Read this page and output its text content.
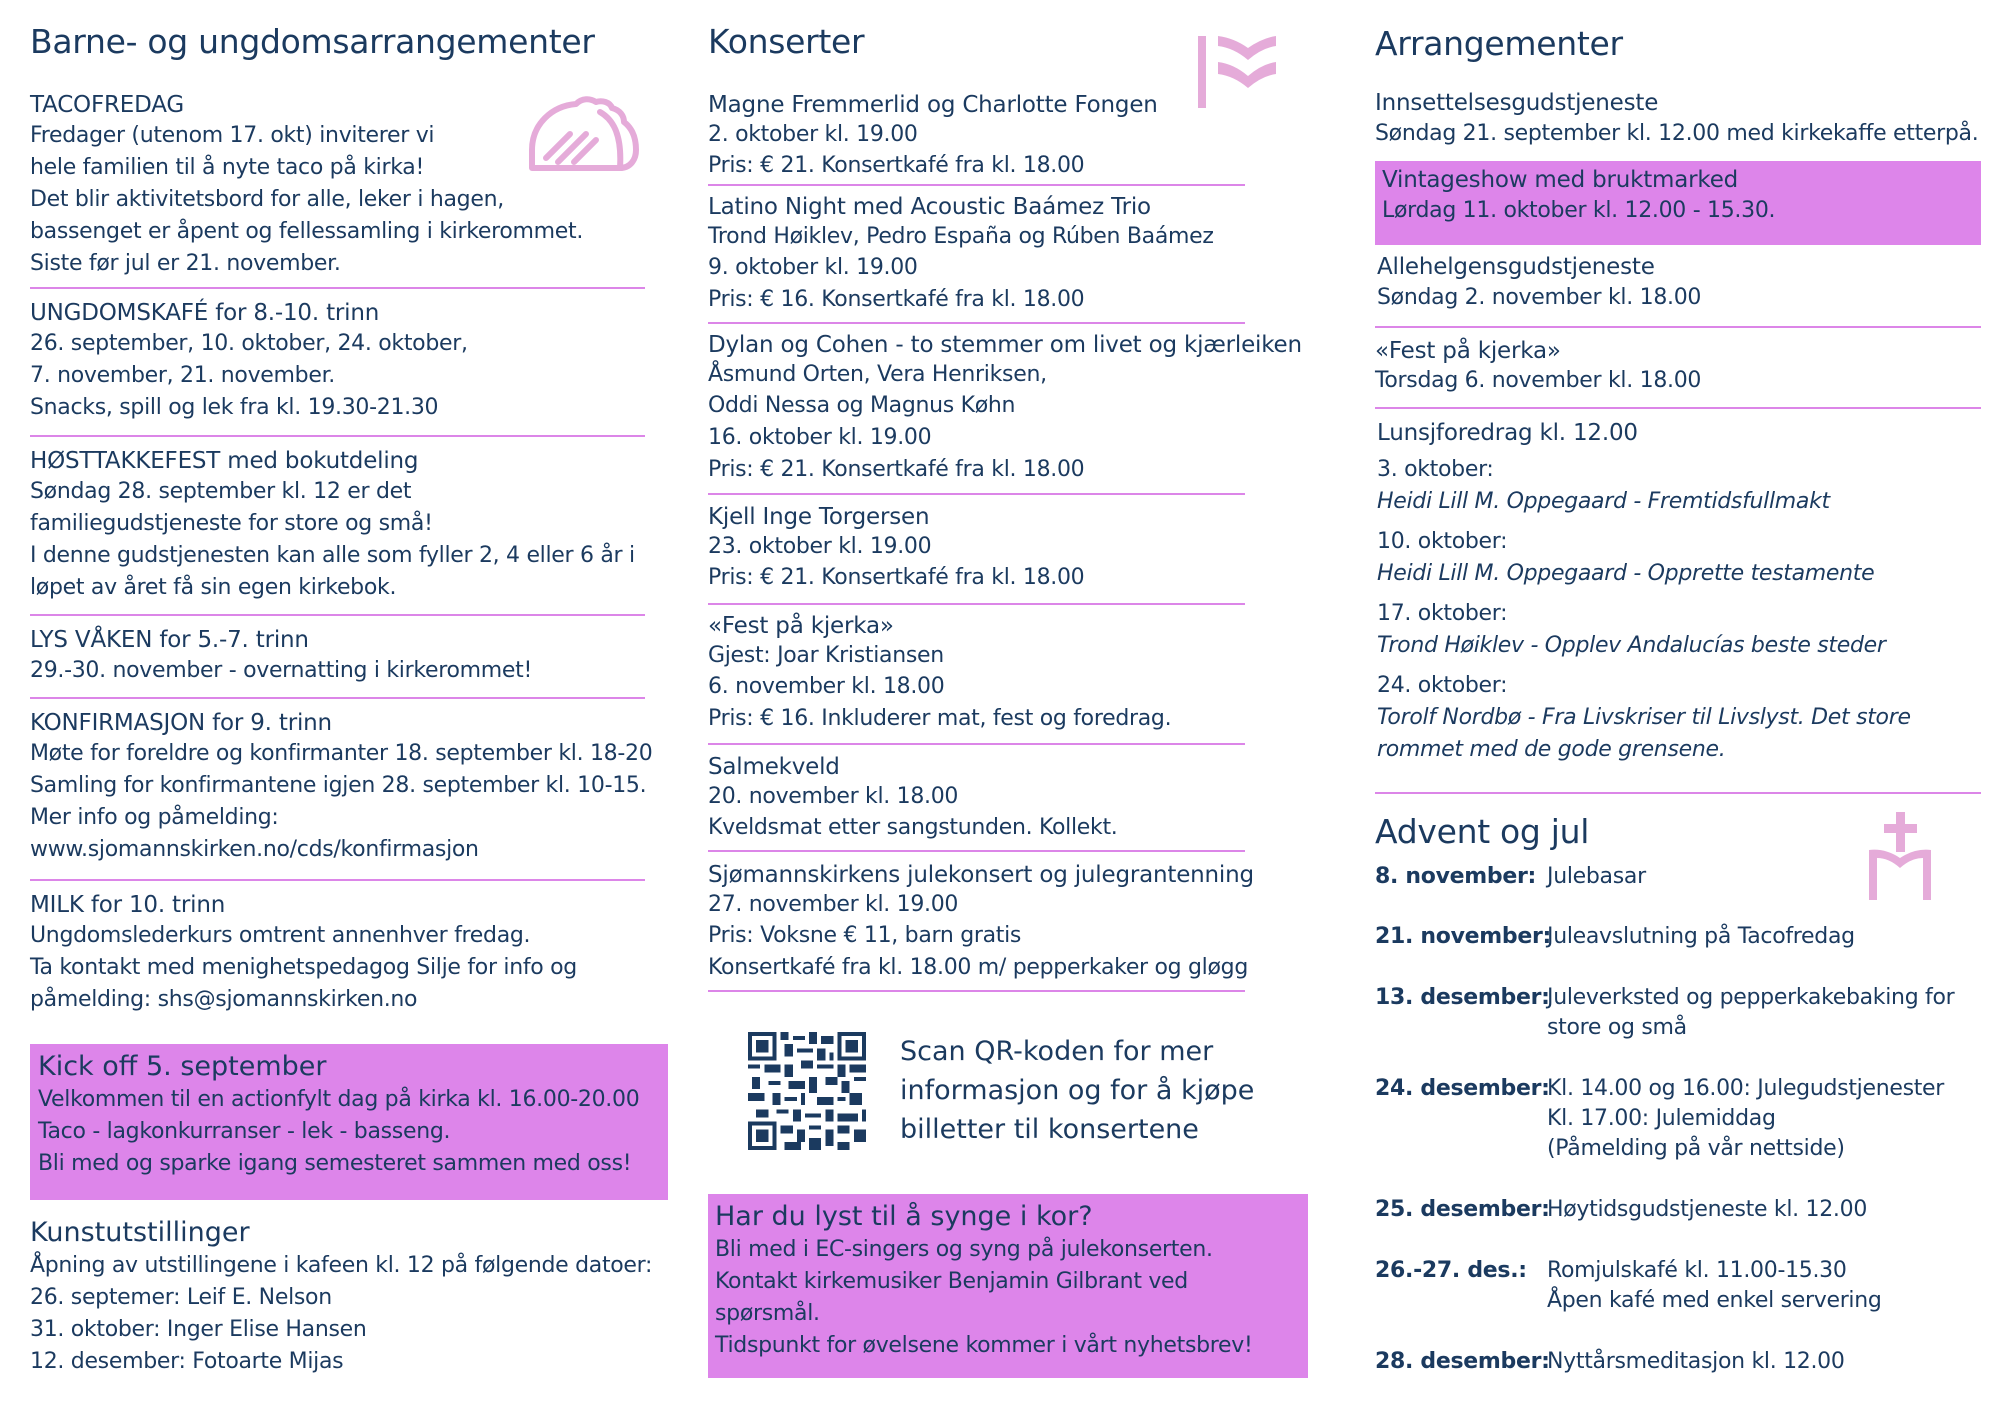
Barne- og ungdomsarrangementer
TACOFREDAG
Fredager (utenom 17. okt) inviterer vi
hele familien til å nyte taco på kirka!
Det blir aktivitetsbord for alle, leker i hagen,
bassenget er åpent og fellessamling i kirkerommet.
Siste før jul er 21. november.
UNGDOMSKAFÉ for 8.-10. trinn
26. september, 10. oktober, 24. oktober,
7. november, 21. november.
Snacks, spill og lek fra kl. 19.30-21.30
HØSTTAKKEFEST med bokutdeling
Søndag 28. september kl. 12 er det
familiegudstjeneste for store og små!
I denne gudstjenesten kan alle som fyller 2, 4 eller 6 år i
løpet av året få sin egen kirkebok.
LYS VÅKEN for 5.-7. trinn
29.-30. november - overnatting i kirkerommet!
KONFIRMASJON for 9. trinn
Møte for foreldre og konfirmanter 18. september kl. 18-20
Samling for konfirmantene igjen 28. september kl. 10-15.
Mer info og påmelding:
www.sjomannskirken.no/cds/konfirmasjon
MILK for 10. trinn
Ungdomslederkurs omtrent annenhver fredag.
Ta kontakt med menighetspedagog Silje for info og
påmelding: shs@sjomannskirken.no
Kick off 5. september
Velkommen til en actionfylt dag på kirka kl. 16.00-20.00
Taco - lagkonkurranser - lek - basseng.
Bli med og sparke igang semesteret sammen med oss!
Kunstutstillinger
Åpning av utstillingene i kafeen kl. 12 på følgende datoer:
26. septemer: Leif E. Nelson
31. oktober: Inger Elise Hansen
12. desember: Fotoarte Mijas
Konserter
Magne Fremmerlid og Charlotte Fongen
2. oktober kl. 19.00
Pris: € 21. Konsertkafé fra kl. 18.00
Latino Night med Acoustic Baámez Trio
Trond Høiklev, Pedro España og Rúben Baámez
9. oktober kl. 19.00
Pris: € 16. Konsertkafé fra kl. 18.00
Dylan og Cohen - to stemmer om livet og kjærleiken
Åsmund Orten, Vera Henriksen,
Oddi Nessa og Magnus Køhn
16. oktober kl. 19.00
Pris: € 21. Konsertkafé fra kl. 18.00
Kjell Inge Torgersen
23. oktober kl. 19.00
Pris: € 21. Konsertkafé fra kl. 18.00
«Fest på kjerka»
Gjest: Joar Kristiansen
6. november kl. 18.00
Pris: € 16. Inkluderer mat, fest og foredrag.
Salmekveld
20. november kl. 18.00
Kveldsmat etter sangstunden. Kollekt.
Sjømannskirkens julekonsert og julegrantenning
27. november kl. 19.00
Pris: Voksne € 11, barn gratis
Konsertkafé fra kl. 18.00 m/ pepperkaker og gløgg
Scan QR-koden for mer
informasjon og for å kjøpe
billetter til konsertene
Har du lyst til å synge i kor?
Bli med i EC-singers og syng på julekonserten.
Kontakt kirkemusiker Benjamin Gilbrant ved
spørsmål.
Tidspunkt for øvelsene kommer i vårt nyhetsbrev!
Arrangementer
Innsettelsesgudstjeneste
Søndag 21. september kl. 12.00 med kirkekaffe etterpå.
Vintageshow med bruktmarked
Lørdag 11. oktober kl. 12.00 - 15.30.
Allehelgensgudstjeneste
Søndag 2. november kl. 18.00
«Fest på kjerka»
Torsdag 6. november kl. 18.00
Lunsjforedrag kl. 12.00
3. oktober:
Heidi Lill M. Oppegaard - Fremtidsfullmakt
10. oktober:
Heidi Lill M. Oppegaard - Opprette testamente
17. oktober:
Trond Høiklev - Opplev Andalucías beste steder
24. oktober:
Torolf Nordbø - Fra Livskriser til Livslyst. Det store
rommet med de gode grensene.
Advent og jul
8. november: Julebasar
21. november:
Juleavslutning på Tacofredag
13. desember:
Juleverksted og pepperkakebaking for
store og små
24. desember:
Kl. 14.00 og 16.00: Julegudstjenester
Kl. 17.00: Julemiddag
(Påmelding på vår nettside)
25. desember:
Høytidsgudstjeneste kl. 12.00
26.-27. des.: Romjulskafé kl. 11.00-15.30
Åpen kafé med enkel servering
28. desember:
Nyttårsmeditasjon kl. 12.00
